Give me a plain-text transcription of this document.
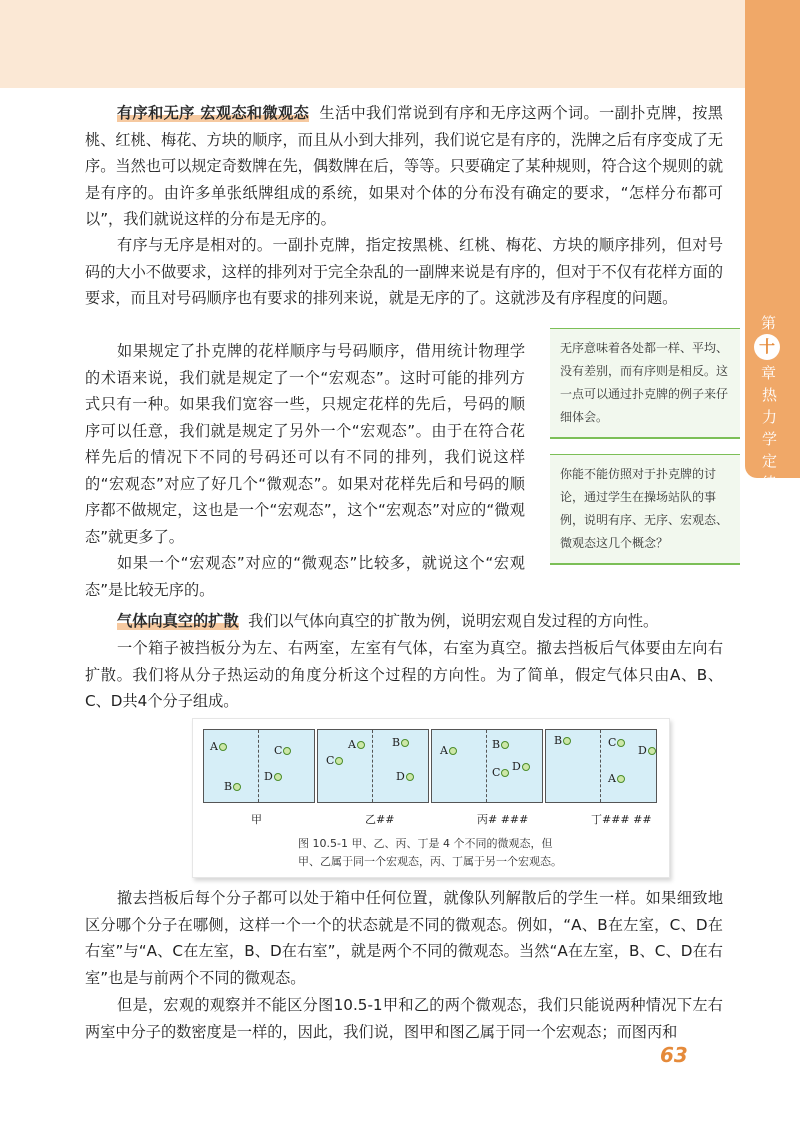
第
十
章
热力学定律

有序和无序 宏观态和微观态 生活中我们常说到有序和无序这两个词。一副扑克牌，按黑桃、红桃、梅花、方块的顺序，而且从小到大排列，我们说它是有序的，洗牌之后有序变成了无序。当然也可以规定奇数牌在先，偶数牌在后，等等。只要确定了某种规则，符合这个规则的就是有序的。由许多单张纸牌组成的系统，如果对个体的分布没有确定的要求，“怎样分布都可以”，我们就说这样的分布是无序的。

有序与无序是相对的。一副扑克牌，指定按黑桃、红桃、梅花、方块的顺序排列，但对号码的大小不做要求，这样的排列对于完全杂乱的一副牌来说是有序的，但对于不仅有花样方面的要求，而且对号码顺序也有要求的排列来说，就是无序的了。这就涉及有序程度的问题。

如果规定了扑克牌的花样顺序与号码顺序，借用统计物理学的术语来说，我们就是规定了一个“宏观态”。这时可能的排列方式只有一种。如果我们宽容一些，只规定花样的先后，号码的顺序可以任意，我们就是规定了另外一个“宏观态”。由于在符合花样先后的情况下不同的号码还可以有不同的排列，我们说这样的“宏观态”对应了好几个“微观态”。如果对花样先后和号码的顺序都不做规定，这也是一个“宏观态”，这个“宏观态”对应的“微观态”就更多了。

如果一个“宏观态”对应的“微观态”比较多，就说这个“宏观态”是比较无序的。

无序意味着各处都一样、平均、没有差别，而有序则是相反。这一点可以通过扑克牌的例子来仔细体会。
你能不能仿照对于扑克牌的讨论，通过学生在操场站队的事例，说明有序、无序、宏观态、微观态这几个概念？

气体向真空的扩散 我们以气体向真空的扩散为例，说明宏观自发过程的方向性。

一个箱子被挡板分为左、右两室，左室有气体，右室为真空。撤去挡板后气体要由左向右扩散。我们将从分子热运动的角度分析这个过程的方向性。为了简单，假定气体只由A、B、C、D共4个分子组成。

A	C
B
D
A	B
C
D
A	B
C	D
B	C
D
A
甲	乙##	丙# ###	丁### ##
图 10.5-1 甲、乙、丙、丁是 4 个不同的微观态，但
甲、乙属于同一个宏观态，丙、丁属于另一个宏观态。

撤去挡板后每个分子都可以处于箱中任何位置，就像队列解散后的学生一样。如果细致地区分哪个分子在哪侧，这样一个一个的状态就是不同的微观态。例如，“A、B在左室，C、D在右室”与“A、C在左室，B、D在右室”，就是两个不同的微观态。当然“A在左室，B、C、D在右室”也是与前两个不同的微观态。

但是，宏观的观察并不能区分图10.5-1甲和乙的两个微观态，我们只能说两种情况下左右两室中分子的数密度是一样的，因此，我们说，图甲和图乙属于同一个宏观态；而图丙和

63
